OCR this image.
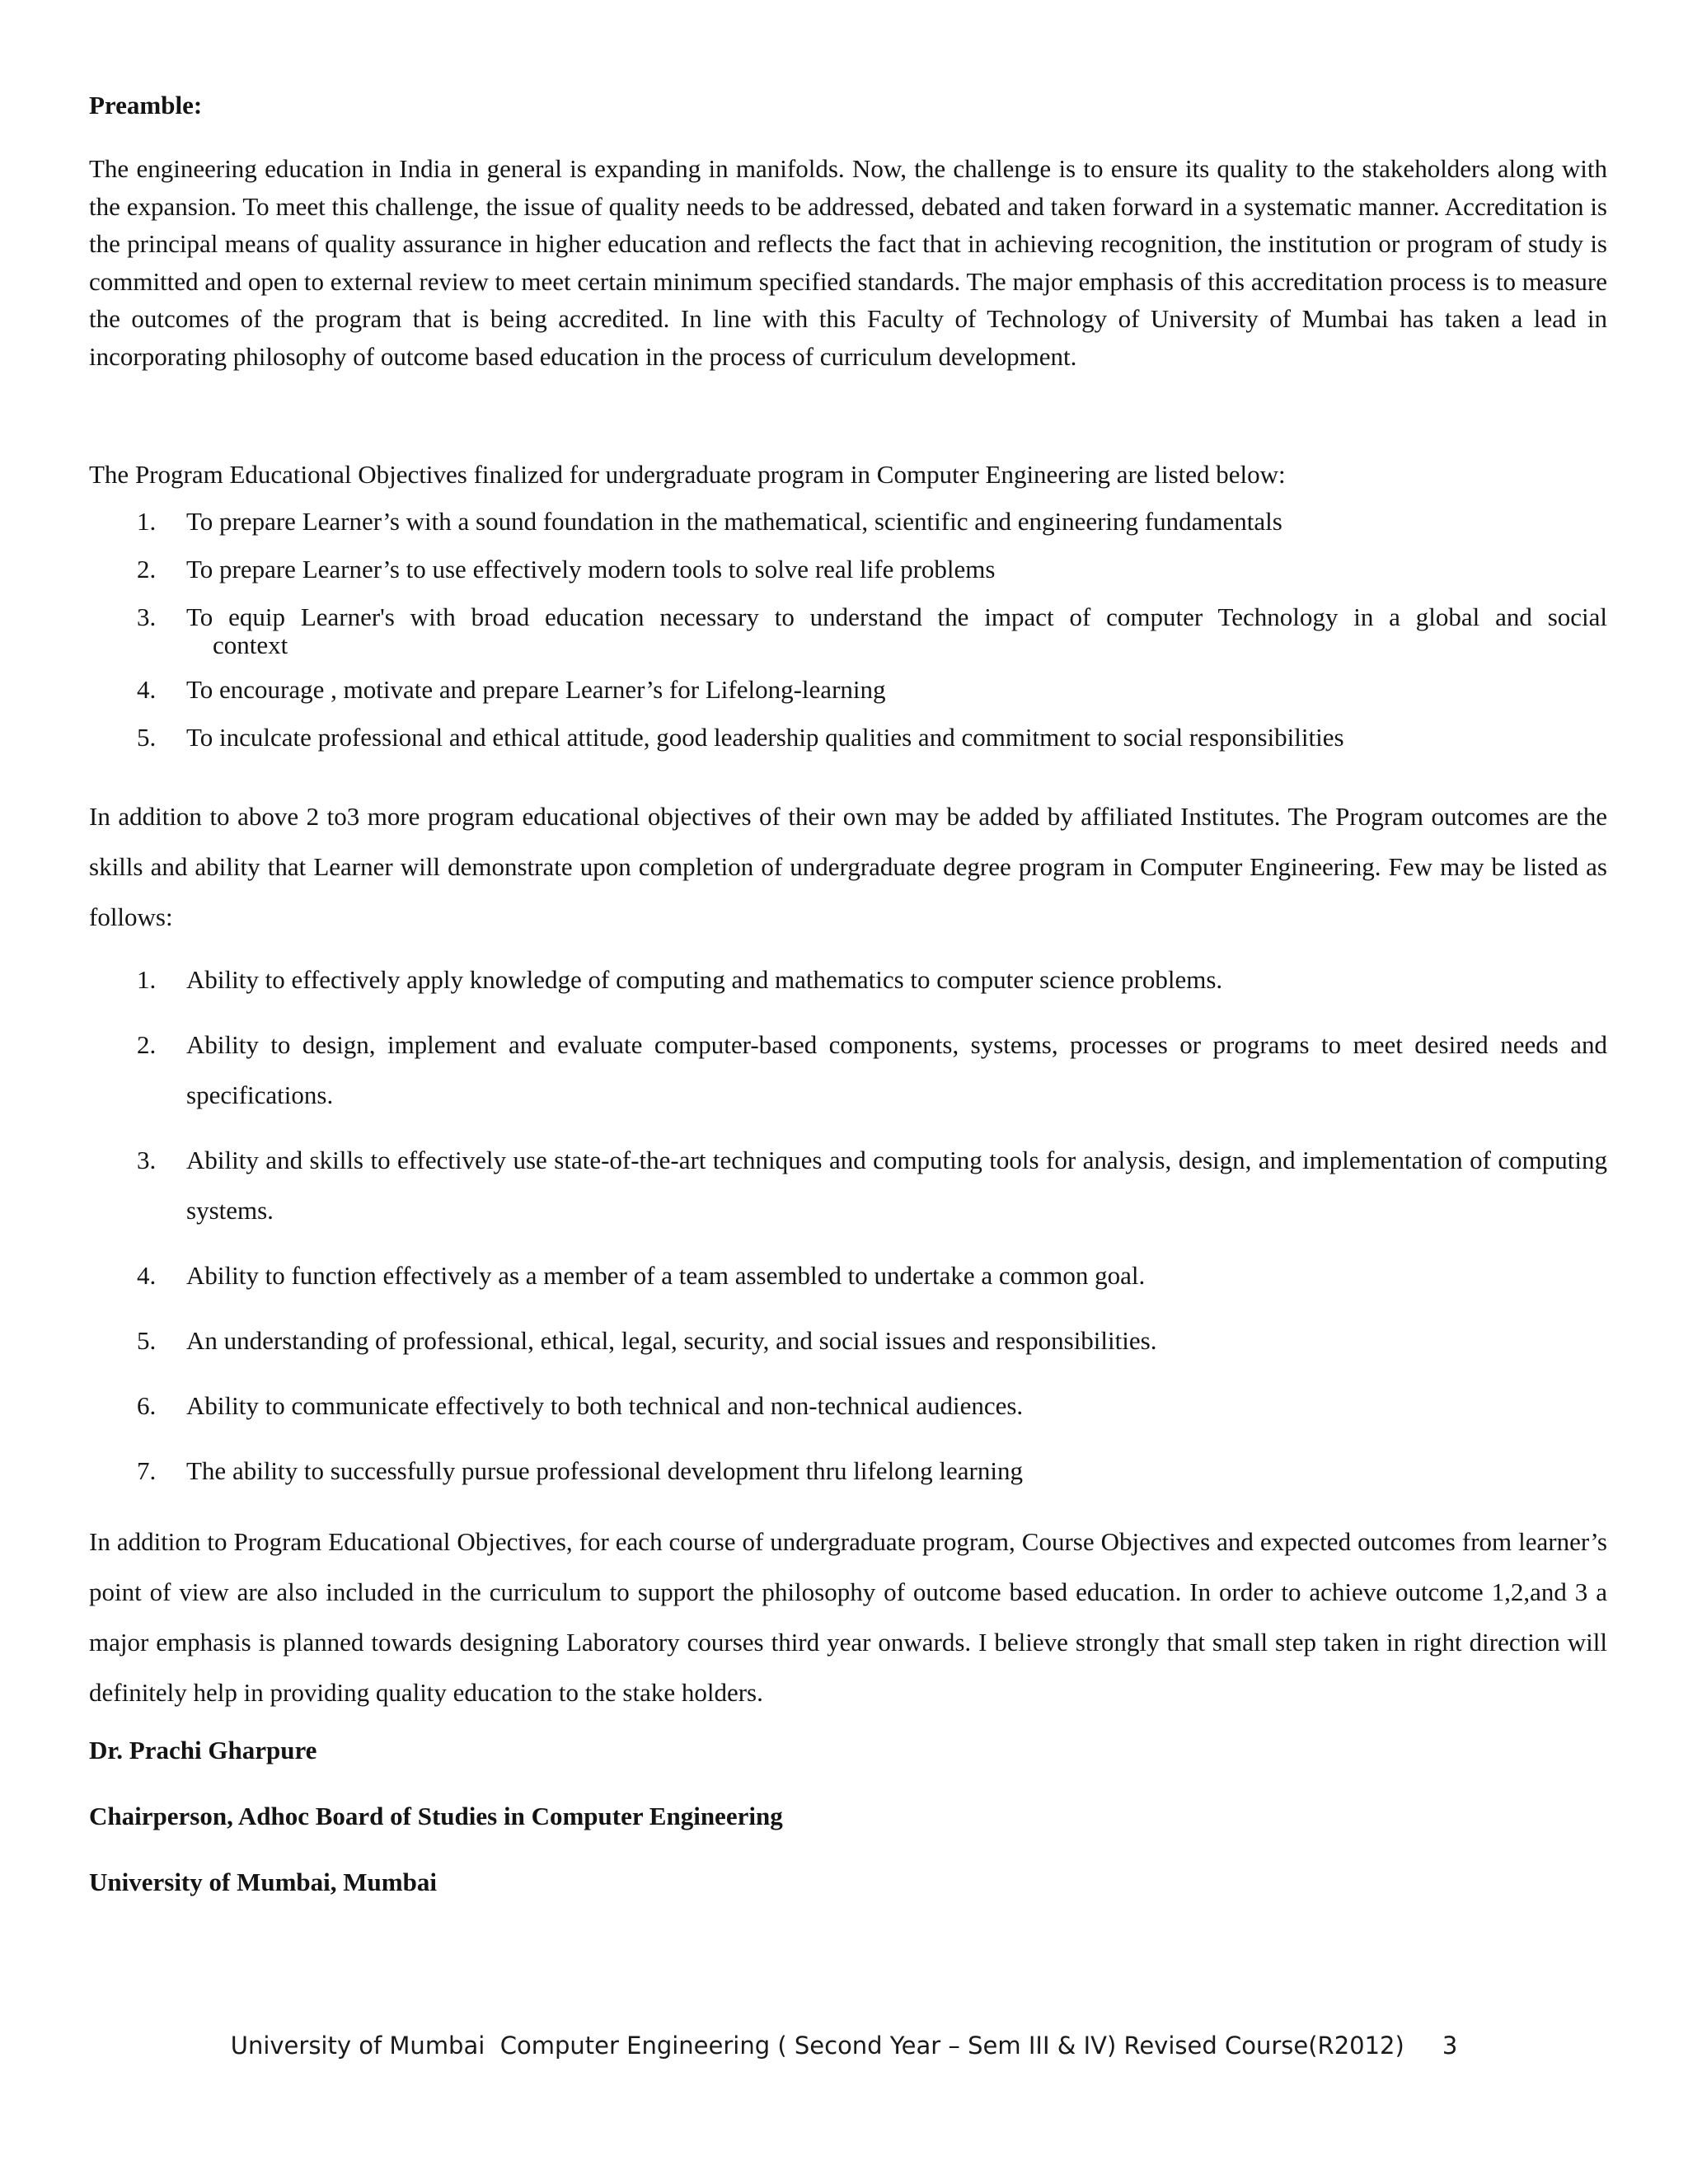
Preamble:

The engineering education in India in general is expanding in manifolds. Now, the challenge is to ensure its quality to the stakeholders along with the expansion. To meet this challenge, the issue of quality needs to be addressed, debated and taken forward in a systematic manner. Accreditation is the principal means of quality assurance in higher education and reflects the fact that in achieving recognition, the institution or program of study is committed and open to external review to meet certain minimum specified standards. The major emphasis of this accreditation process is to measure the outcomes of the program that is being accredited. In line with this Faculty of Technology of University of Mumbai has taken a lead in incorporating philosophy of outcome based education in the process of curriculum development.

The Program Educational Objectives finalized for undergraduate program in Computer Engineering are listed below:

1. To prepare Learner’s with a sound foundation in the mathematical, scientific and engineering fundamentals
2. To prepare Learner’s to use effectively modern tools to solve real life problems
3. To equip Learner's with broad education necessary to understand the impact of computer Technology in a global and social
context
4. To encourage , motivate and prepare Learner’s for Lifelong-learning
5. To inculcate professional and ethical attitude, good leadership qualities and commitment to social responsibilities

In addition to above 2 to3 more program educational objectives of their own may be added by affiliated Institutes. The Program outcomes are the skills and ability that Learner will demonstrate upon completion of undergraduate degree program in Computer Engineering. Few may be listed as follows:

1. Ability to effectively apply knowledge of computing and mathematics to computer science problems.
2. Ability to design, implement and evaluate computer-based components, systems, processes or programs to meet desired needs and specifications.
3. Ability and skills to effectively use state-of-the-art techniques and computing tools for analysis, design, and implementation of computing systems.
4. Ability to function effectively as a member of a team assembled to undertake a common goal.
5. An understanding of professional, ethical, legal, security, and social issues and responsibilities.
6. Ability to communicate effectively to both technical and non-technical audiences.
7. The ability to successfully pursue professional development thru lifelong learning

In addition to Program Educational Objectives, for each course of undergraduate program, Course Objectives and expected outcomes from learner’s point of view are also included in the curriculum to support the philosophy of outcome based education. In order to achieve outcome 1,2,and 3 a major emphasis is planned towards designing Laboratory courses third year onwards. I believe strongly that small step taken in right direction will definitely help in providing quality education to the stake holders.

Dr. Prachi Gharpure

Chairperson, Adhoc Board of Studies in Computer Engineering

University of Mumbai, Mumbai

University of Mumbai  Computer Engineering ( Second Year – Sem III & IV) Revised Course(R2012) 3
